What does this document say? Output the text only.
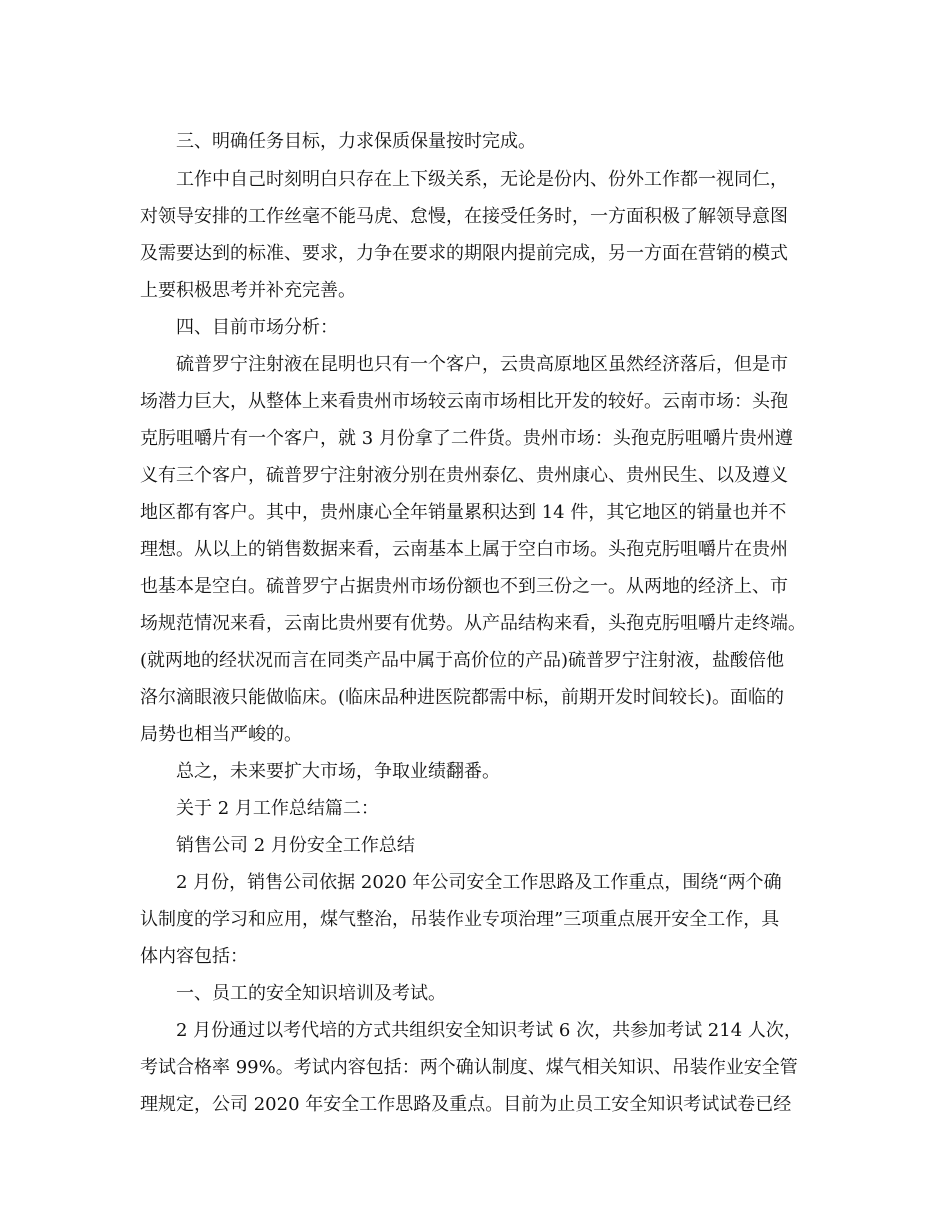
三、明确任务目标，力求保质保量按时完成。
工作中自己时刻明白只存在上下级关系，无论是份内、份外工作都一视同仁，
对领导安排的工作丝毫不能马虎、怠慢，在接受任务时，一方面积极了解领导意图
及需要达到的标准、要求，力争在要求的期限内提前完成，另一方面在营销的模式
上要积极思考并补充完善。
四、目前市场分析：
硫普罗宁注射液在昆明也只有一个客户，云贵高原地区虽然经济落后，但是市
场潜力巨大，从整体上来看贵州市场较云南市场相比开发的较好。云南市场：头孢
克肟咀嚼片有一个客户，就 3 月份拿了二件货。贵州市场：头孢克肟咀嚼片贵州遵
义有三个客户，硫普罗宁注射液分别在贵州泰亿、贵州康心、贵州民生、以及遵义
地区都有客户。其中，贵州康心全年销量累积达到 14 件，其它地区的销量也并不
理想。从以上的销售数据来看，云南基本上属于空白市场。头孢克肟咀嚼片在贵州
也基本是空白。硫普罗宁占据贵州市场份额也不到三份之一。从两地的经济上、市
场规范情况来看，云南比贵州要有优势。从产品结构来看，头孢克肟咀嚼片走终端。
(就两地的经状况而言在同类产品中属于高价位的产品)硫普罗宁注射液，盐酸倍他
洛尔滴眼液只能做临床。(临床品种进医院都需中标，前期开发时间较长)。面临的
局势也相当严峻的。
总之，未来要扩大市场，争取业绩翻番。
关于 2 月工作总结篇二：
销售公司 2 月份安全工作总结
2 月份，销售公司依据 2020 年公司安全工作思路及工作重点，围绕“两个确
认制度的学习和应用，煤气整治，吊装作业专项治理”三项重点展开安全工作，具
体内容包括：
一、员工的安全知识培训及考试。
2 月份通过以考代培的方式共组织安全知识考试 6 次，共参加考试 214 人次，
考试合格率 99%。考试内容包括：两个确认制度、煤气相关知识、吊装作业安全管
理规定，公司 2020 年安全工作思路及重点。目前为止员工安全知识考试试卷已经
